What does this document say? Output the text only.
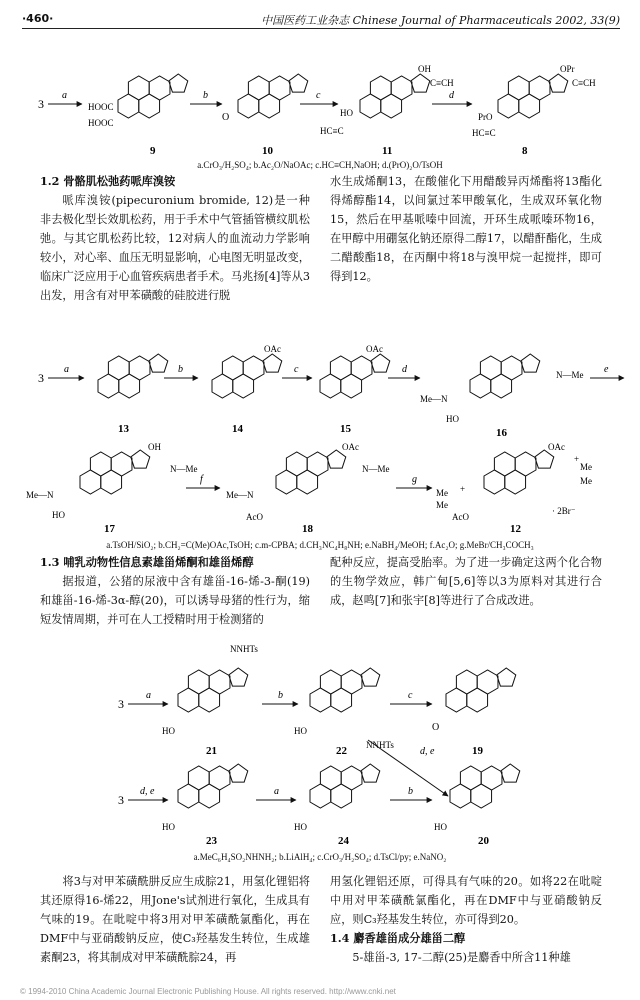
·460·	中国医药工业杂志 Chinese Journal of Pharmaceuticals 2002, 33(9)
3
a	b	c	d
HOOC
HOOC
9
O
10
HO
HC≡C
OH
C≡CH
11
PrO
HC≡C
OPr
C≡CH
8
a.CrO₃/H₂SO₄; b.Ac₂O/NaOAc; c.HC≡CH,NaOH; d.(PrO)₂O/TsOH
1.2 骨骼肌松弛药哌库溴铵

哌库溴铵(pipecuronium bromide, 12)是一种非去极化型长效肌松药，用于手术中气管插管横纹肌松弛。与其它肌松药比较，12对病人的血流动力学影响较小，对心率、血压无明显影响，心电图无明显改变，临床广泛应用于心血管疾病患者手术。马兆扬[4]等从3出发，用含有对甲苯磺酸的硅胶进行脱

水生成烯酮13，在酸催化下用醋酸异丙烯酯将13酯化得烯醇酯14，以间氯过苯甲酸氧化，生成双环氧化物15，然后在甲基哌嗪中回流，开环生成哌嗪环物16，在甲醇中用硼氢化钠还原得二醇17，以醋酐酯化，生成二醋酸酯18，在丙酮中将18与溴甲烷一起搅拌，即可得到12。

3
a	b	c	d	e
13
OAc
14
OAc
15
Me—N
N—Me
HO
16
f	g
Me—N
N—Me
HO
OH
17
Me—N
N—Me
AcO
OAc
18
Me
Me
+
Me
Me
+
AcO
OAc
· 2Br⁻
12
a.TsOH/SiO₂; b.CH₂=C(Me)OAc,TsOH; c.m-CPBA; d.CH₃NC₄H₈NH; e.NaBH₄/MeOH; f.Ac₂O; g.MeBr/CH₃COCH₃
1.3 哺乳动物性信息素雄甾烯酮和雄甾烯醇

据报道，公猪的尿液中含有雄甾-16-烯-3-酮(19)和雄甾-16-烯-3α-醇(20)，可以诱导母猪的性行为，缩短发情周期，并可在人工授精时用于检测猪的

配种反应，提高受胎率。为了进一步确定这两个化合物的生物学效应，韩广甸[5,6]等以3为原料对其进行合成，赵鸣[7]和张宇[8]等进行了合成改进。

3
a	b	c
d, e
NNHTs
HO
21
HO
22
O
19
3
d, e	a	b
HO
23
NNHTs
HO
24
HO
20
a.MeC₆H₄SO₂NHNH₂; b.LiAlH₄; c.CrO₃/H₂SO₄; d.TsCl/py; e.NaNO₂

将3与对甲苯磺酰肼反应生成腙21，用氢化锂铝将其还原得16-烯22，用Jone's试剂进行氧化，生成具有气味的19。在吡啶中将3用对甲苯磺酰氯酯化，再在DMF中与亚硝酸钠反应，使C₃羟基发生转位，生成雄素酮23，将其制成对甲苯磺酰腙24，再

用氢化锂铝还原，可得具有气味的20。如将22在吡啶中用对甲苯磺酰氯酯化，再在DMF中与亚硝酸钠反应，则C₃羟基发生转位，亦可得到20。

1.4 麝香雄甾成分雄甾二醇

5-雄甾-3, 17-二醇(25)是麝香中所含11种雄

© 1994-2010 China Academic Journal Electronic Publishing House. All rights reserved. http://www.cnki.net
